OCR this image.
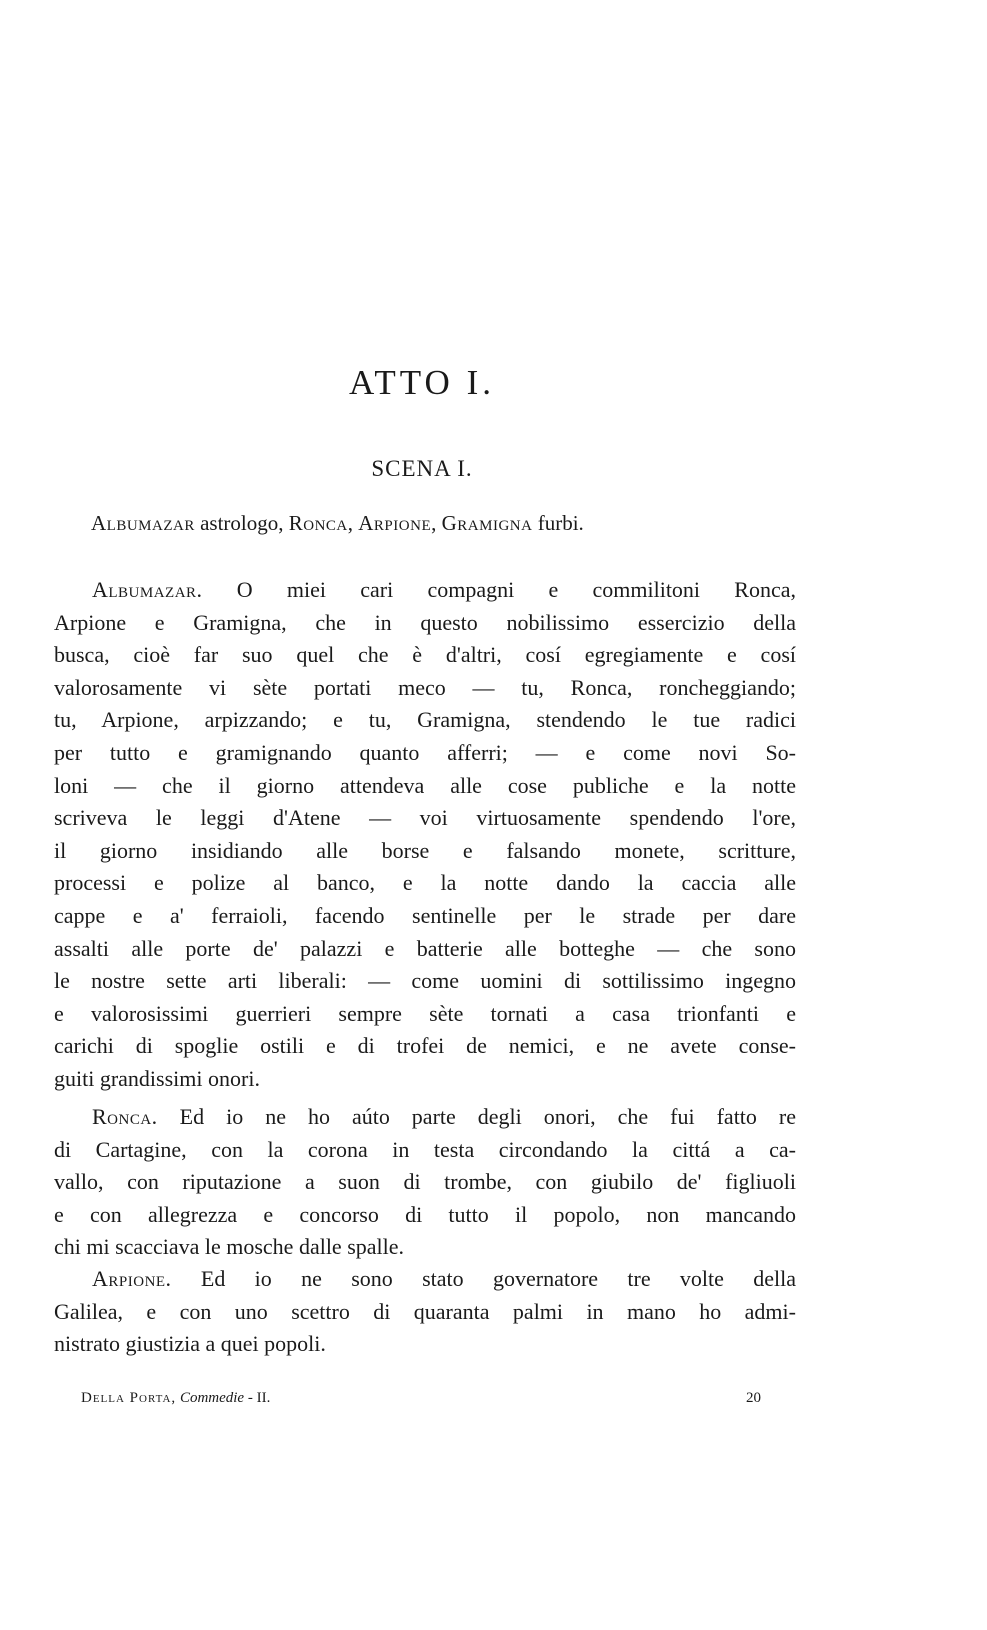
ATTO I.
SCENA I.

Albumazar astrologo, Ronca, Arpione, Gramigna furbi.

Albumazar. O miei cari compagni e commilitoni Ronca,
Arpione e Gramigna, che in questo nobilissimo essercizio della
busca, cioè far suo quel che è d'altri, cosí egregiamente e cosí
valorosamente vi sète portati meco — tu, Ronca, roncheggiando;
tu, Arpione, arpizzando; e tu, Gramigna, stendendo le tue radici
per tutto e gramignando quanto afferri; — e come novi So-
loni — che il giorno attendeva alle cose publiche e la notte
scriveva le leggi d'Atene — voi virtuosamente spendendo l'ore,
il giorno insidiando alle borse e falsando monete, scritture,
processi e polize al banco, e la notte dando la caccia alle
cappe e a' ferraioli, facendo sentinelle per le strade per dare
assalti alle porte de' palazzi e batterie alle botteghe — che sono
le nostre sette arti liberali: — come uomini di sottilissimo ingegno
e valorosissimi guerrieri sempre sète tornati a casa trionfanti e
carichi di spoglie ostili e di trofei de nemici, e ne avete conse-
guiti grandissimi onori.

Ronca. Ed io ne ho aúto parte degli onori, che fui fatto re
di Cartagine, con la corona in testa circondando la cittá a ca-
vallo, con riputazione a suon di trombe, con giubilo de' figliuoli
e con allegrezza e concorso di tutto il popolo, non mancando
chi mi scacciava le mosche dalle spalle.

Arpione. Ed io ne sono stato governatore tre volte della
Galilea, e con uno scettro di quaranta palmi in mano ho admi-
nistrato giustizia a quei popoli.

Della Porta, Commedie - II.	20
